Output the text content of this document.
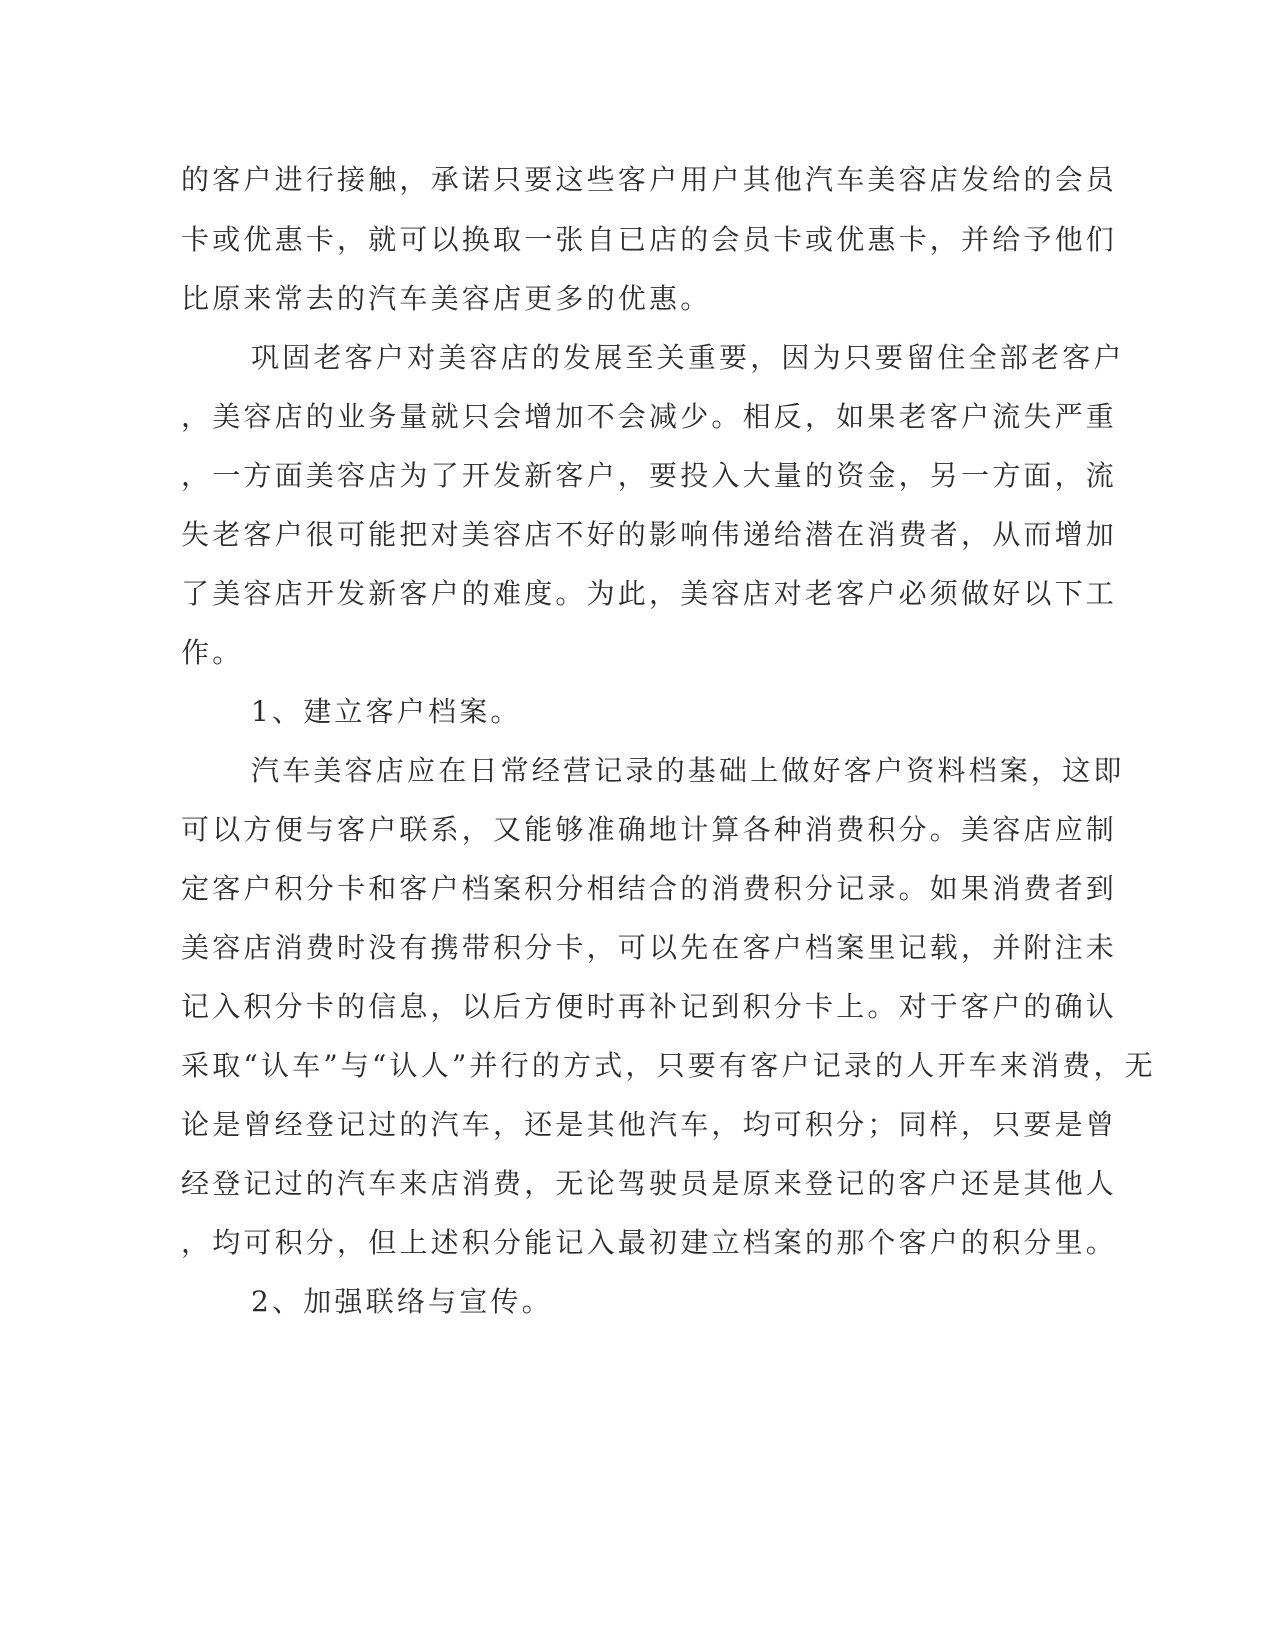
的客户进行接触，承诺只要这些客户用户其他汽车美容店发给的会员

卡或优惠卡，就可以换取一张自已店的会员卡或优惠卡，并给予他们

比原来常去的汽车美容店更多的优惠。

巩固老客户对美容店的发展至关重要，因为只要留住全部老客户

，美容店的业务量就只会增加不会减少。相反，如果老客户流失严重

，一方面美容店为了开发新客户，要投入大量的资金，另一方面，流

失老客户很可能把对美容店不好的影响伟递给潜在消费者，从而增加

了美容店开发新客户的难度。为此，美容店对老客户必须做好以下工

作。

1、建立客户档案。

汽车美容店应在日常经营记录的基础上做好客户资料档案，这即

可以方便与客户联系，又能够准确地计算各种消费积分。美容店应制

定客户积分卡和客户档案积分相结合的消费积分记录。如果消费者到

美容店消费时没有携带积分卡，可以先在客户档案里记载，并附注未

记入积分卡的信息，以后方便时再补记到积分卡上。对于客户的确认

采取“认车”与“认人”并行的方式，只要有客户记录的人开车来消费，无

论是曾经登记过的汽车，还是其他汽车，均可积分；同样，只要是曾

经登记过的汽车来店消费，无论驾驶员是原来登记的客户还是其他人

，均可积分，但上述积分能记入最初建立档案的那个客户的积分里。

2、加强联络与宣传。
